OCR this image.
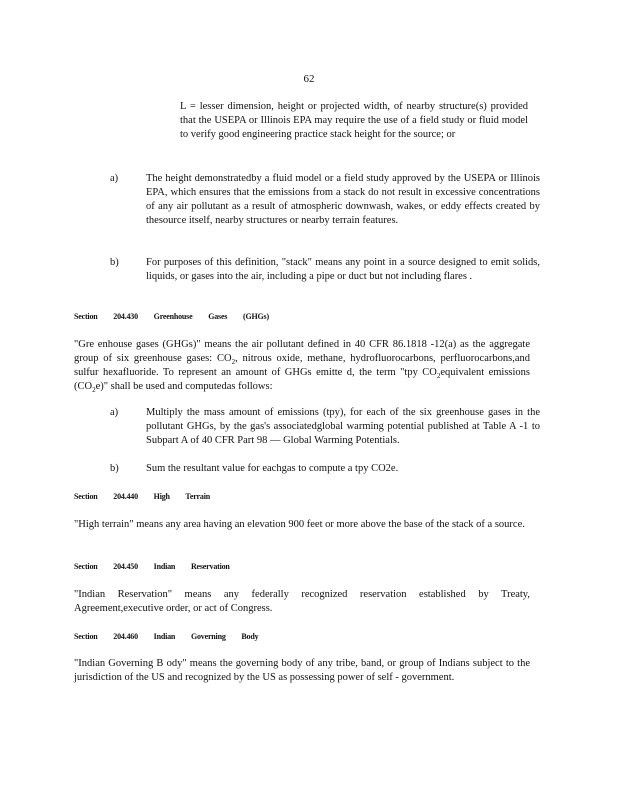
62
L = lesser dimension, height or projected width, of nearby structure(s) provided that the USEPA or Illinois EPA may require the use of a field study or fluid model to verify good engineering practice stack height for the source; or
a)	The height demonstratedby a fluid model or a field study approved by the USEPA or Illinois EPA, which ensures that the emissions from a stack do not result in excessive concentrations of any air pollutant as a result of atmospheric downwash, wakes, or eddy effects created by thesource itself, nearby structures or nearby terrain features.
b)	For purposes of this definition, "stack" means any point in a source designed to emit solids, liquids, or gases into the air, including a pipe or duct but not including flares .
Section 204.430 Greenhouse Gases (GHGs)
"Gre enhouse gases (GHGs)" means the air pollutant defined in 40 CFR 86.1818 -12(a) as the aggregate group of six greenhouse gases: $CO_2$, nitrous oxide, methane, hydrofluorocarbons, perfluorocarbons,and sulfur hexafluoride. To represent an amount of GHGs emitte d, the term "tpy $CO_2equivalent$ emissions $(CO_2e)$" shall be used and computedas follows:
a)	Multiply the mass amount of emissions (tpy), for each of the six greenhouse gases in the pollutant GHGs, by the gas's associatedglobal warming potential published at Table A -1 to Subpart A of 40 CFR Part 98 — Global Warming Potentials.
b)	Sum the resultant value for eachgas to compute a tpy CO2e.
Section 204.440 High Terrain
"High terrain" means any area having an elevation 900 feet or more above the base of the stack of a source.
Section 204.450 Indian Reservation
"Indian Reservation" means any federally recognized reservation established by Treaty, Agreement,executive order, or act of Congress.
Section 204.460 Indian Governing Body
"Indian Governing B ody" means the governing body of any tribe, band, or group of Indians subject to the jurisdiction of the US and recognized by the US as possessing power of self - government.
